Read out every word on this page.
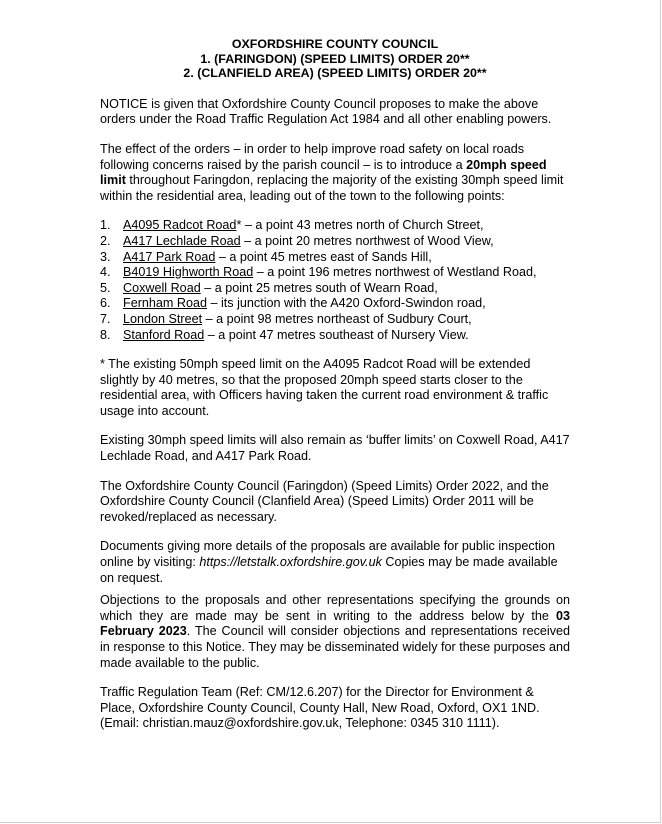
OXFORDSHIRE COUNTY COUNCIL
1. (FARINGDON) (SPEED LIMITS) ORDER 20**
2. (CLANFIELD AREA) (SPEED LIMITS) ORDER 20**

NOTICE is given that Oxfordshire County Council proposes to make the above orders under the Road Traffic Regulation Act 1984 and all other enabling powers.

The effect of the orders – in order to help improve road safety on local roads following concerns raised by the parish council – is to introduce a 20mph speed limit throughout Faringdon, replacing the majority of the existing 30mph speed limit within the residential area, leading out of the town to the following points:

1. A4095 Radcot Road* – a point 43 metres north of Church Street,
2. A417 Lechlade Road – a point 20 metres northwest of Wood View,
3. A417 Park Road – a point 45 metres east of Sands Hill,
4. B4019 Highworth Road – a point 196 metres northwest of Westland Road,
5. Coxwell Road – a point 25 metres south of Wearn Road,
6. Fernham Road – its junction with the A420 Oxford-Swindon road,
7. London Street – a point 98 metres northeast of Sudbury Court,
8. Stanford Road – a point 47 metres southeast of Nursery View.

* The existing 50mph speed limit on the A4095 Radcot Road will be extended slightly by 40 metres, so that the proposed 20mph speed starts closer to the residential area, with Officers having taken the current road environment & traffic usage into account.

Existing 30mph speed limits will also remain as ‘buffer limits’ on Coxwell Road, A417 Lechlade Road, and A417 Park Road.

The Oxfordshire County Council (Faringdon) (Speed Limits) Order 2022, and the Oxfordshire County Council (Clanfield Area) (Speed Limits) Order 2011 will be revoked/replaced as necessary.

Documents giving more details of the proposals are available for public inspection online by visiting: https://letstalk.oxfordshire.gov.uk Copies may be made available on request.

Objections to the proposals and other representations specifying the grounds on which they are made may be sent in writing to the address below by the 03 February 2023. The Council will consider objections and representations received in response to this Notice. They may be disseminated widely for these purposes and made available to the public.

Traffic Regulation Team (Ref: CM/12.6.207) for the Director for Environment & Place, Oxfordshire County Council, County Hall, New Road, Oxford, OX1 1ND. (Email: christian.mauz@oxfordshire.gov.uk, Telephone: 0345 310 1111).
